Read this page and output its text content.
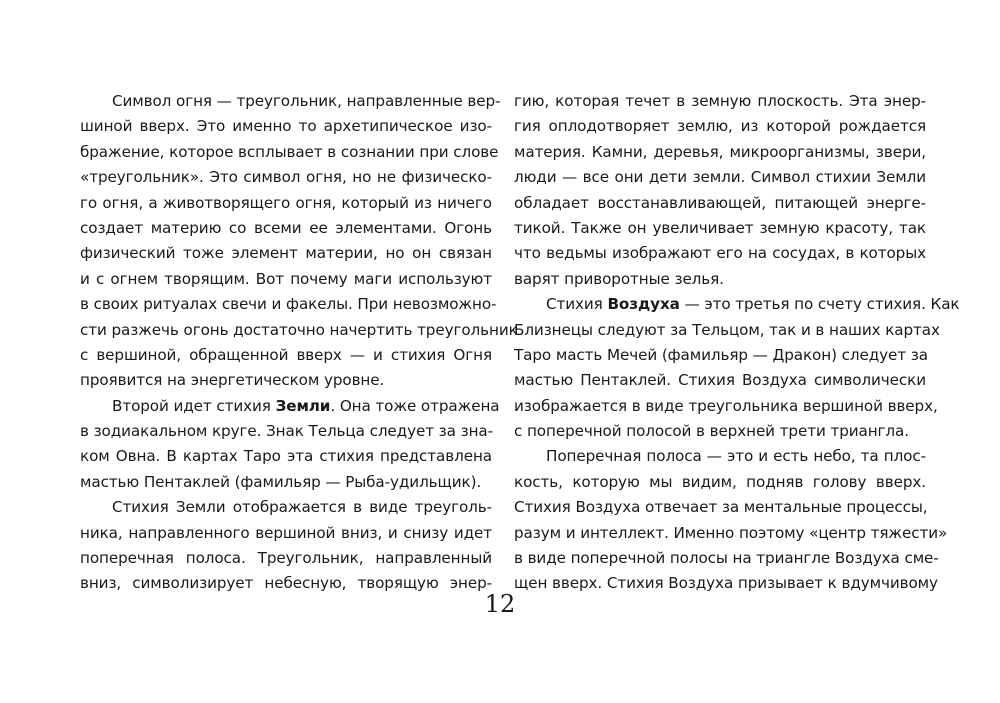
Символ огня — треугольник, направленные вер-
шиной вверх. Это именно то архетипическое изо-
бражение, которое всплывает в сознании при слове
«треугольник». Это символ огня, но не физическо-
го огня, а животворящего огня, который из ничего
создает материю со всеми ее элементами. Огонь
физический тоже элемент материи, но он связан
и с огнем творящим. Вот почему маги используют
в своих ритуалах свечи и факелы. При невозможно-
сти разжечь огонь достаточно начертить треугольник
с вершиной, обращенной вверх — и стихия Огня
проявится на энергетическом уровне.
Второй идет стихия Земли. Она тоже отражена
в зодиакальном круге. Знак Тельца следует за зна-
ком Овна. В картах Таро эта стихия представлена
мастью Пентаклей (фамильяр — Рыба-удильщик).
Стихия Земли отображается в виде треуголь-
ника, направленного вершиной вниз, и снизу идет
поперечная полоса. Треугольник, направленный
вниз, символизирует небесную, творящую энер-
гию, которая течет в земную плоскость. Эта энер-
гия оплодотворяет землю, из которой рождается
материя. Камни, деревья, микроорганизмы, звери,
люди — все они дети земли. Символ стихии Земли
обладает восстанавливающей, питающей энерге-
тикой. Также он увеличивает земную красоту, так
что ведьмы изображают его на сосудах, в которых
варят приворотные зелья.
Стихия Воздуха — это третья по счету стихия. Как
Близнецы следуют за Тельцом, так и в наших картах
Таро масть Мечей (фамильяр — Дракон) следует за
мастью Пентаклей. Стихия Воздуха символически
изображается в виде треугольника вершиной вверх,
с поперечной полосой в верхней трети триангла.
Поперечная полоса — это и есть небо, та плос-
кость, которую мы видим, подняв голову вверх.
Стихия Воздуха отвечает за ментальные процессы,
разум и интеллект. Именно поэтому «центр тяжести»
в виде поперечной полосы на триангле Воздуха сме-
щен вверх. Стихия Воздуха призывает к вдумчивому
12
